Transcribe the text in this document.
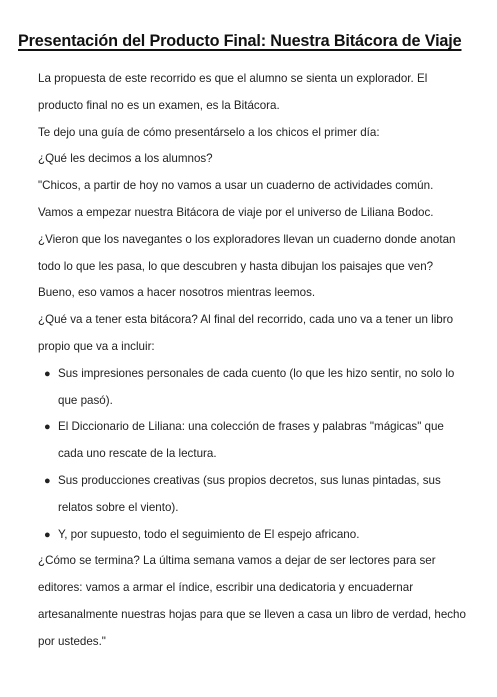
Presentación del Producto Final: Nuestra Bitácora de Viaje

La propuesta de este recorrido es que el alumno se sienta un explorador. El producto final no es un examen, es la Bitácora.

Te dejo una guía de cómo presentárselo a los chicos el primer día:

¿Qué les decimos a los alumnos?

"Chicos, a partir de hoy no vamos a usar un cuaderno de actividades común. Vamos a empezar nuestra Bitácora de viaje por el universo de Liliana Bodoc.

¿Vieron que los navegantes o los exploradores llevan un cuaderno donde anotan todo lo que les pasa, lo que descubren y hasta dibujan los paisajes que ven? Bueno, eso vamos a hacer nosotros mientras leemos.

¿Qué va a tener esta bitácora? Al final del recorrido, cada uno va a tener un libro propio que va a incluir:

● Sus impresiones personales de cada cuento (lo que les hizo sentir, no solo lo que pasó).
● El Diccionario de Liliana: una colección de frases y palabras "mágicas" que cada uno rescate de la lectura.
● Sus producciones creativas (sus propios decretos, sus lunas pintadas, sus relatos sobre el viento).
● Y, por supuesto, todo el seguimiento de El espejo africano.

¿Cómo se termina? La última semana vamos a dejar de ser lectores para ser editores: vamos a armar el índice, escribir una dedicatoria y encuadernar artesanalmente nuestras hojas para que se lleven a casa un libro de verdad, hecho por ustedes."
